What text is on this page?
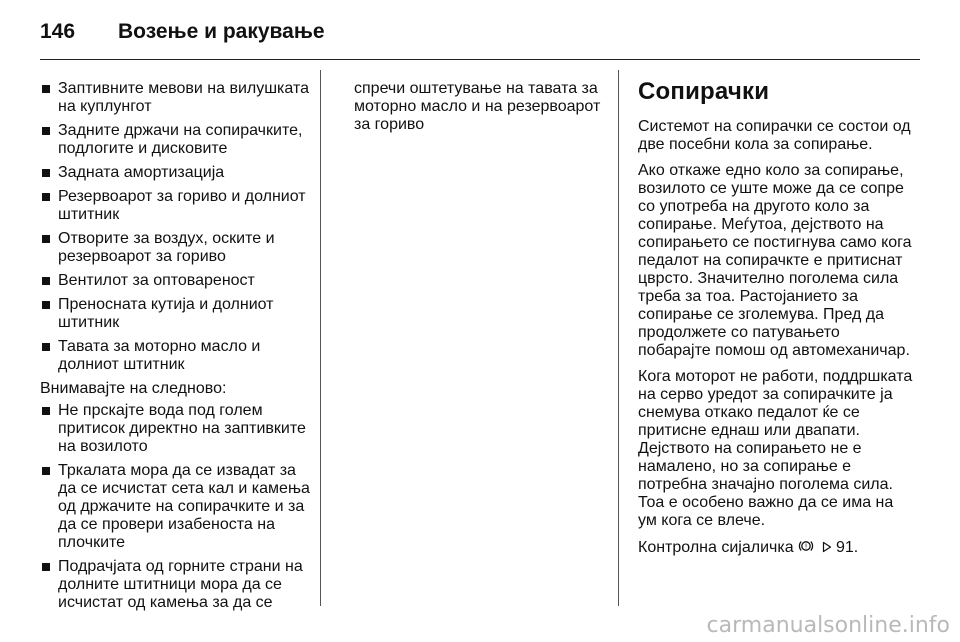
146	Возење и ракување
Заптивните мевови на вилушката на куплунгот
Задните држачи на сопирачките, подлогите и дисковите
Задната амортизација
Резервоарот за гориво и долниот штитник
Отворите за воздух, оските и резервоарот за гориво
Вентилот за оптовареност
Преносната кутија и долниот штитник
Тавата за моторно масло и долниот штитник
Внимавајте на следново:
Не прскајте вода под голем притисок директно на заптивките на возилото
Тркалата мора да се извадат за да се исчистат сета кал и камења од држачите на сопирачките и за да се провери изабеноста на плочките
Подрачјата од горните страни на долните штитници мора да се исчистат од камења за да се
спречи оштетување на тавата за моторно масло и на резервоарот за гориво
Сопирачки

Системот на сопирачки се состои од две посебни кола за сопирање.

Ако откаже едно коло за сопирање, возилото се уште може да се сопре со употреба на другото коло за сопирање. Меѓутоа, дејството на сопирањето се постигнува само кога педалот на сопирачкте е притиснат цврсто. Значително поголема сила треба за тоа. Растојанието за сопирање се зголемува. Пред да продолжете со патувањето побарајте помош од автомеханичар.

Кога моторот не работи, поддршката на серво уредот за сопирачките ја снемува откако педалот ќе се притисне еднаш или двапати. Дејството на сопирањето не е намалено, но за сопирање е потребна значајно поголема сила. Тоа е особено важно да се има на ум кога се влече.

Контролна сијаличка ! 91.

carmanualsonline.info
